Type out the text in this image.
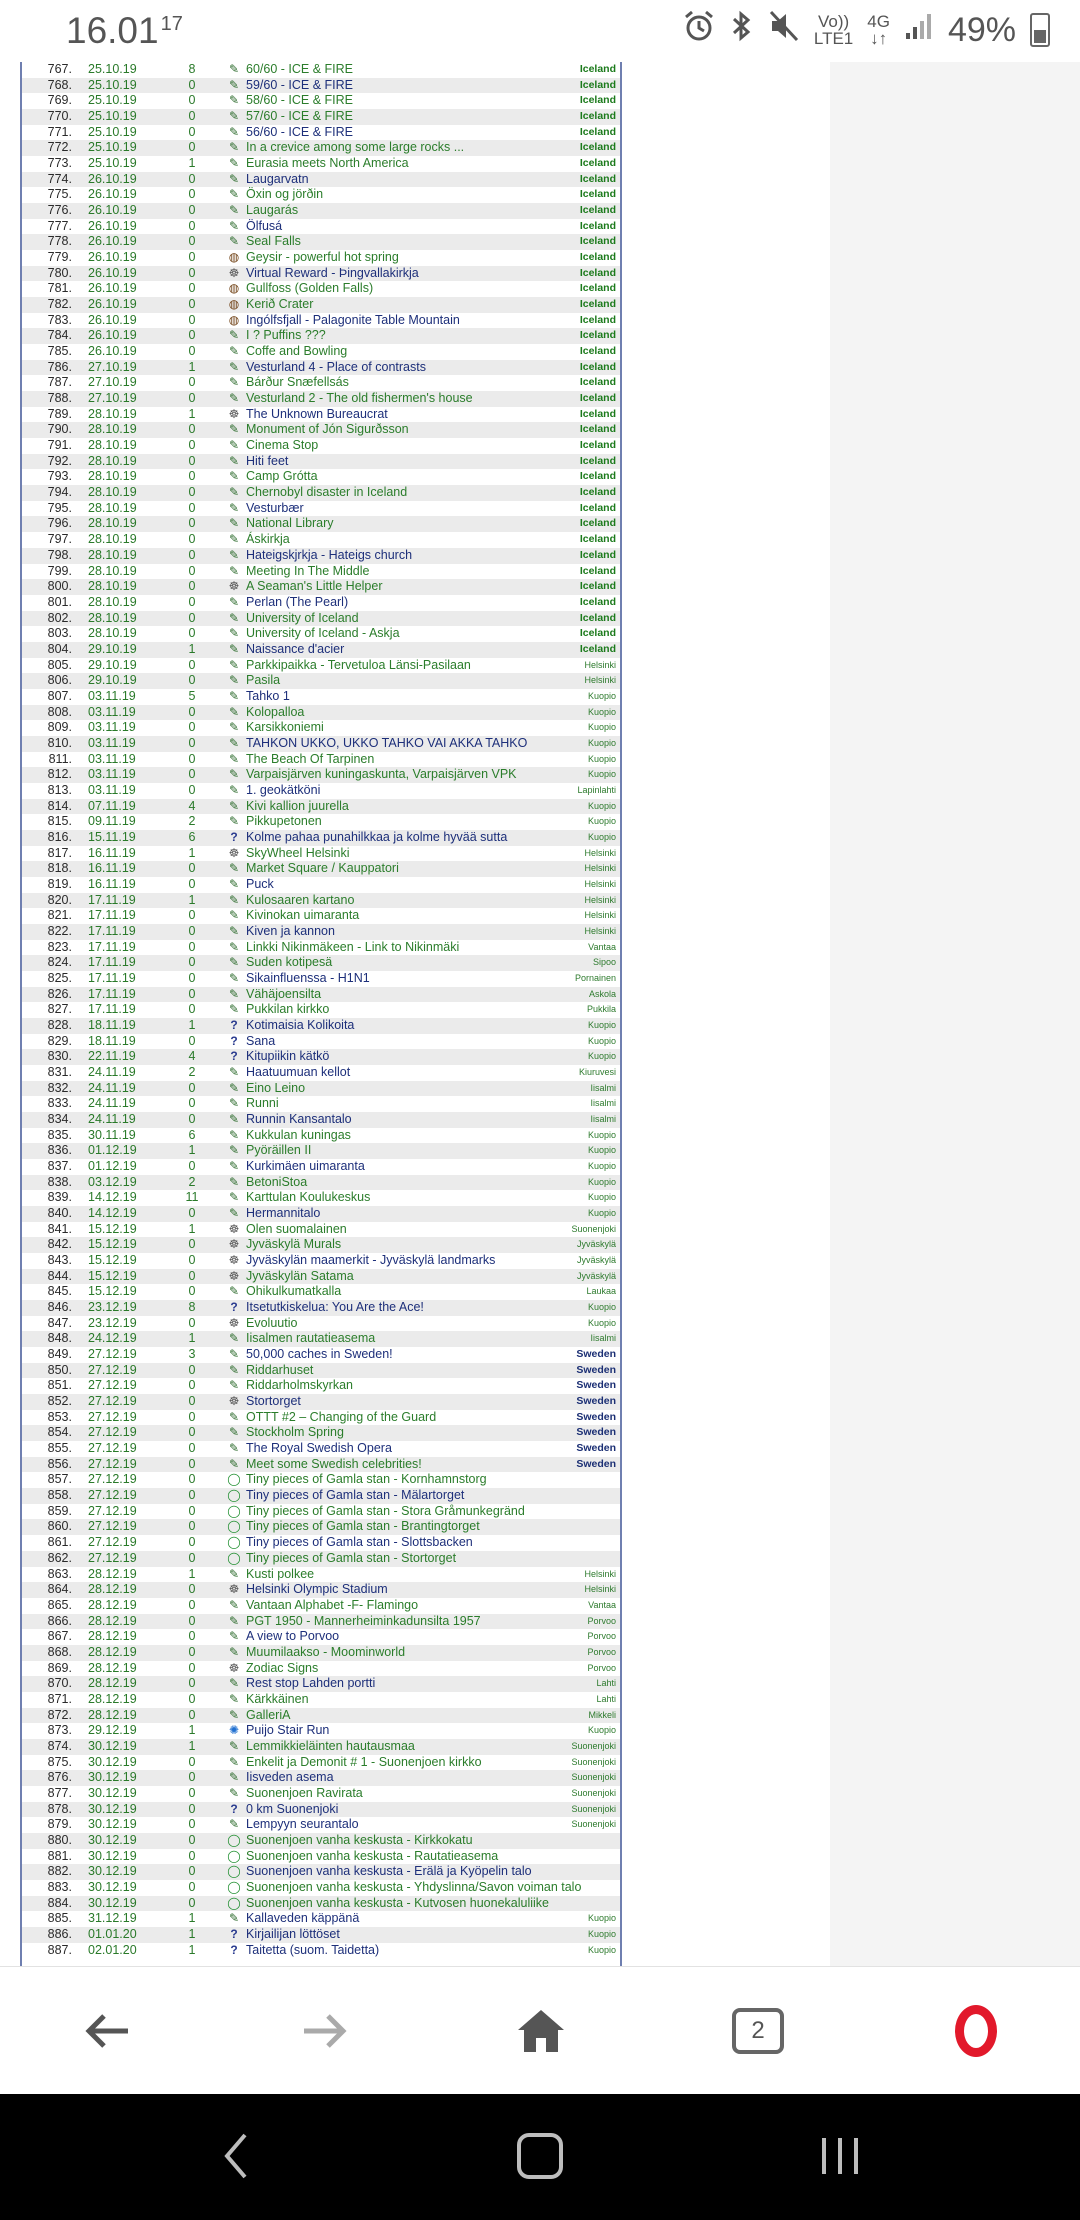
16.01 $^{17}$	Vo))
LTE1
4G
↓↑ 49%
767. 25.10.19	8	✎ 60/60 - ICE & FIRE	Iceland
768. 25.10.19	0	✎ 59/60 - ICE & FIRE	Iceland
769. 25.10.19	0	✎ 58/60 - ICE & FIRE	Iceland
770. 25.10.19	0	✎ 57/60 - ICE & FIRE	Iceland
771. 25.10.19	0	✎ 56/60 - ICE & FIRE	Iceland
772. 25.10.19	0	✎ In a crevice among some large rocks ...	Iceland
773. 25.10.19	1	✎ Eurasia meets North America	Iceland
774. 26.10.19	0	✎ Laugarvatn	Iceland
775. 26.10.19	0	✎ Öxin og jörðin	Iceland
776. 26.10.19	0	✎ Laugarás	Iceland
777. 26.10.19	0	✎ Ölfusá	Iceland
778. 26.10.19	0	✎ Seal Falls	Iceland
779. 26.10.19	0	◍ Geysir - powerful hot spring	Iceland
780. 26.10.19	0	☸ Virtual Reward - Þingvallakirkja	Iceland
781. 26.10.19	0	◍ Gullfoss (Golden Falls)	Iceland
782. 26.10.19	0	◍ Kerið Crater	Iceland
783. 26.10.19	0	◍ Ingólfsfjall - Palagonite Table Mountain	Iceland
784. 26.10.19	0	✎ I ? Puffins ???	Iceland
785. 26.10.19	0	✎ Coffe and Bowling	Iceland
786. 27.10.19	1	✎ Vesturland 4 - Place of contrasts	Iceland
787. 27.10.19	0	✎ Bárður Snæfellsás	Iceland
788. 27.10.19	0	✎ Vesturland 2 - The old fishermen's house	Iceland
789. 28.10.19	1	☸ The Unknown Bureaucrat	Iceland
790. 28.10.19	0	✎ Monument of Jón Sigurðsson	Iceland
791. 28.10.19	0	✎ Cinema Stop	Iceland
792. 28.10.19	0	✎ Hiti feet	Iceland
793. 28.10.19	0	✎ Camp Grótta	Iceland
794. 28.10.19	0	✎ Chernobyl disaster in Iceland	Iceland
795. 28.10.19	0	✎ Vesturbær	Iceland
796. 28.10.19	0	✎ National Library	Iceland
797. 28.10.19	0	✎ Áskirkja	Iceland
798. 28.10.19	0	✎ Hateigskjrkja - Hateigs church	Iceland
799. 28.10.19	0	✎ Meeting In The Middle	Iceland
800. 28.10.19	0	☸ A Seaman's Little Helper	Iceland
801. 28.10.19	0	✎ Perlan (The Pearl)	Iceland
802. 28.10.19	0	✎ University of Iceland	Iceland
803. 28.10.19	0	✎ University of Iceland - Askja	Iceland
804. 29.10.19	1	✎ Naissance d'acier	Iceland
805. 29.10.19	0	✎ Parkkipaikka - Tervetuloa Länsi-Pasilaan	Helsinki
806. 29.10.19	0	✎ Pasila	Helsinki
807. 03.11.19	5	✎ Tahko 1	Kuopio
808. 03.11.19	0	✎ Kolopalloa	Kuopio
809. 03.11.19	0	✎ Karsikkoniemi	Kuopio
810. 03.11.19	0	✎ TAHKON UKKO, UKKO TAHKO VAI AKKA TAHKO	Kuopio
811. 03.11.19	0	✎ The Beach Of Tarpinen	Kuopio
812. 03.11.19	0	✎ Varpaisjärven kuningaskunta, Varpaisjärven VPK	Kuopio
813. 03.11.19	0	✎ 1. geokätköni	Lapinlahti
814. 07.11.19	4	✎ Kivi kallion juurella	Kuopio
815. 09.11.19	2	✎ Pikkupetonen	Kuopio
816. 15.11.19	6	? Kolme pahaa punahilkkaa ja kolme hyvää sutta	Kuopio
817. 16.11.19	1	☸ SkyWheel Helsinki	Helsinki
818. 16.11.19	0	✎ Market Square / Kauppatori	Helsinki
819. 16.11.19	0	✎ Puck	Helsinki
820. 17.11.19	1	✎ Kulosaaren kartano	Helsinki
821. 17.11.19	0	✎ Kivinokan uimaranta	Helsinki
822. 17.11.19	0	✎ Kiven ja kannon	Helsinki
823. 17.11.19	0	✎ Linkki Nikinmäkeen - Link to Nikinmäki	Vantaa
824. 17.11.19	0	✎ Suden kotipesä	Sipoo
825. 17.11.19	0	✎ Sikainfluenssa - H1N1	Pornainen
826. 17.11.19	0	✎ Vähäjoensilta	Askola
827. 17.11.19	0	✎ Pukkilan kirkko	Pukkila
828. 18.11.19	1	? Kotimaisia Kolikoita	Kuopio
829. 18.11.19	0	? Sana	Kuopio
830. 22.11.19	4	? Kitupiikin kätkö	Kuopio
831. 24.11.19	2	✎ Haatuumuan kellot	Kiuruvesi
832. 24.11.19	0	✎ Eino Leino	Iisalmi
833. 24.11.19	0	✎ Runni	Iisalmi
834. 24.11.19	0	✎ Runnin Kansantalo	Iisalmi
835. 30.11.19	6	✎ Kukkulan kuningas	Kuopio
836. 01.12.19	1	✎ Pyöräillen II	Kuopio
837. 01.12.19	0	✎ Kurkimäen uimaranta	Kuopio
838. 03.12.19	2	✎ BetoniStoa	Kuopio
839. 14.12.19	11	✎ Karttulan Koulukeskus	Kuopio
840. 14.12.19	0	✎ Hermannitalo	Kuopio
841. 15.12.19	1	☸ Olen suomalainen	Suonenjoki
842. 15.12.19	0	☸ Jyväskylä Murals	Jyväskylä
843. 15.12.19	0	☸ Jyväskylän maamerkit - Jyväskylä landmarks	Jyväskylä
844. 15.12.19	0	☸ Jyväskylän Satama	Jyväskylä
845. 15.12.19	0	✎ Ohikulkumatkalla	Laukaa
846. 23.12.19	8	? Itsetutkiskelua: You Are the Ace!	Kuopio
847. 23.12.19	0	☸ Evoluutio	Kuopio
848. 24.12.19	1	✎ Iisalmen rautatieasema	Iisalmi
849. 27.12.19	3	✎ 50,000 caches in Sweden!	Sweden
850. 27.12.19	0	✎ Riddarhuset	Sweden
851. 27.12.19	0	✎ Riddarholmskyrkan	Sweden
852. 27.12.19	0	☸ Stortorget	Sweden
853. 27.12.19	0	✎ OTTT #2 – Changing of the Guard	Sweden
854. 27.12.19	0	✎ Stockholm Spring	Sweden
855. 27.12.19	0	✎ The Royal Swedish Opera	Sweden
856. 27.12.19	0	✎ Meet some Swedish celebrities!	Sweden
857. 27.12.19	0	◯ Tiny pieces of Gamla stan - Kornhamnstorg
858. 27.12.19	0	◯ Tiny pieces of Gamla stan - Mälartorget
859. 27.12.19	0	◯ Tiny pieces of Gamla stan - Stora Gråmunkegränd
860. 27.12.19	0	◯ Tiny pieces of Gamla stan - Brantingtorget
861. 27.12.19	0	◯ Tiny pieces of Gamla stan - Slottsbacken
862. 27.12.19	0	◯ Tiny pieces of Gamla stan - Stortorget
863. 28.12.19	1	✎ Kusti polkee	Helsinki
864. 28.12.19	0	☸ Helsinki Olympic Stadium	Helsinki
865. 28.12.19	0	✎ Vantaan Alphabet -F- Flamingo	Vantaa
866. 28.12.19	0	✎ PGT 1950 - Mannerheiminkadunsilta 1957	Porvoo
867. 28.12.19	0	✎ A view to Porvoo	Porvoo
868. 28.12.19	0	✎ Muumilaakso - Moominworld	Porvoo
869. 28.12.19	0	☸ Zodiac Signs	Porvoo
870. 28.12.19	0	✎ Rest stop Lahden portti	Lahti
871. 28.12.19	0	✎ Kärkkäinen	Lahti
872. 28.12.19	0	✎ GalleriA	Mikkeli
873. 29.12.19	1	✺ Puijo Stair Run	Kuopio
874. 30.12.19	1	✎ Lemmikkieläinten hautausmaa	Suonenjoki
875. 30.12.19	0	✎ Enkelit ja Demonit # 1 - Suonenjoen kirkko	Suonenjoki
876. 30.12.19	0	✎ Iisveden asema	Suonenjoki
877. 30.12.19	0	✎ Suonenjoen Ravirata	Suonenjoki
878. 30.12.19	0	? 0 km Suonenjoki	Suonenjoki
879. 30.12.19	0	✎ Lempyyn seurantalo	Suonenjoki
880. 30.12.19	0	◯ Suonenjoen vanha keskusta - Kirkkokatu
881. 30.12.19	0	◯ Suonenjoen vanha keskusta - Rautatieasema
882. 30.12.19	0	◯ Suonenjoen vanha keskusta - Erälä ja Kyöpelin talo
883. 30.12.19	0	◯ Suonenjoen vanha keskusta - Yhdyslinna/Savon voiman talo
884. 30.12.19	0	◯ Suonenjoen vanha keskusta - Kutvosen huonekaluliike
885. 31.12.19	1	✎ Kallaveden käppänä	Kuopio
886. 01.01.20	1	? Kirjailijan löttöset	Kuopio
887. 02.01.20	1	? Taitetta (suom. Taidetta)	Kuopio
2
